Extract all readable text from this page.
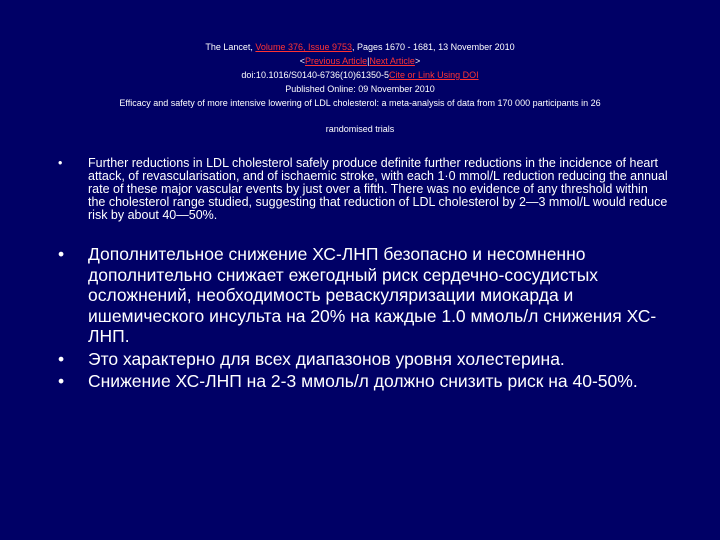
The Lancet, Volume 376, Issue 9753, Pages 1670 - 1681, 13 November 2010
<Previous Article|Next Article>
doi:10.1016/S0140-6736(10)61350-5Cite or Link Using DOI
Published Online: 09 November 2010
Efficacy and safety of more intensive lowering of LDL cholesterol: a meta-analysis of data from 170 000 participants in 26
randomised trials
• Further reductions in LDL cholesterol safely produce definite further reductions in the incidence of heart attack, of revascularisation, and of ischaemic stroke, with each 1·0 mmol/L reduction reducing the annual rate of these major vascular events by just over a fifth. There was no evidence of any threshold within the cholesterol range studied, suggesting that reduction of LDL cholesterol by 2—3 mmol/L would reduce risk by about 40—50%.
• Дополнительное снижение ХС-ЛНП безопасно и несомненно дополнительно снижает ежегодный риск сердечно-сосудистых осложнений, необходимость реваскуляризации миокарда и ишемического инсульта на 20% на каждые 1.0 ммоль/л снижения ХС-ЛНП.
• Это характерно для всех диапазонов уровня холестерина.
• Снижение ХС-ЛНП на 2-3 ммоль/л должно снизить риск на 40-50%.
